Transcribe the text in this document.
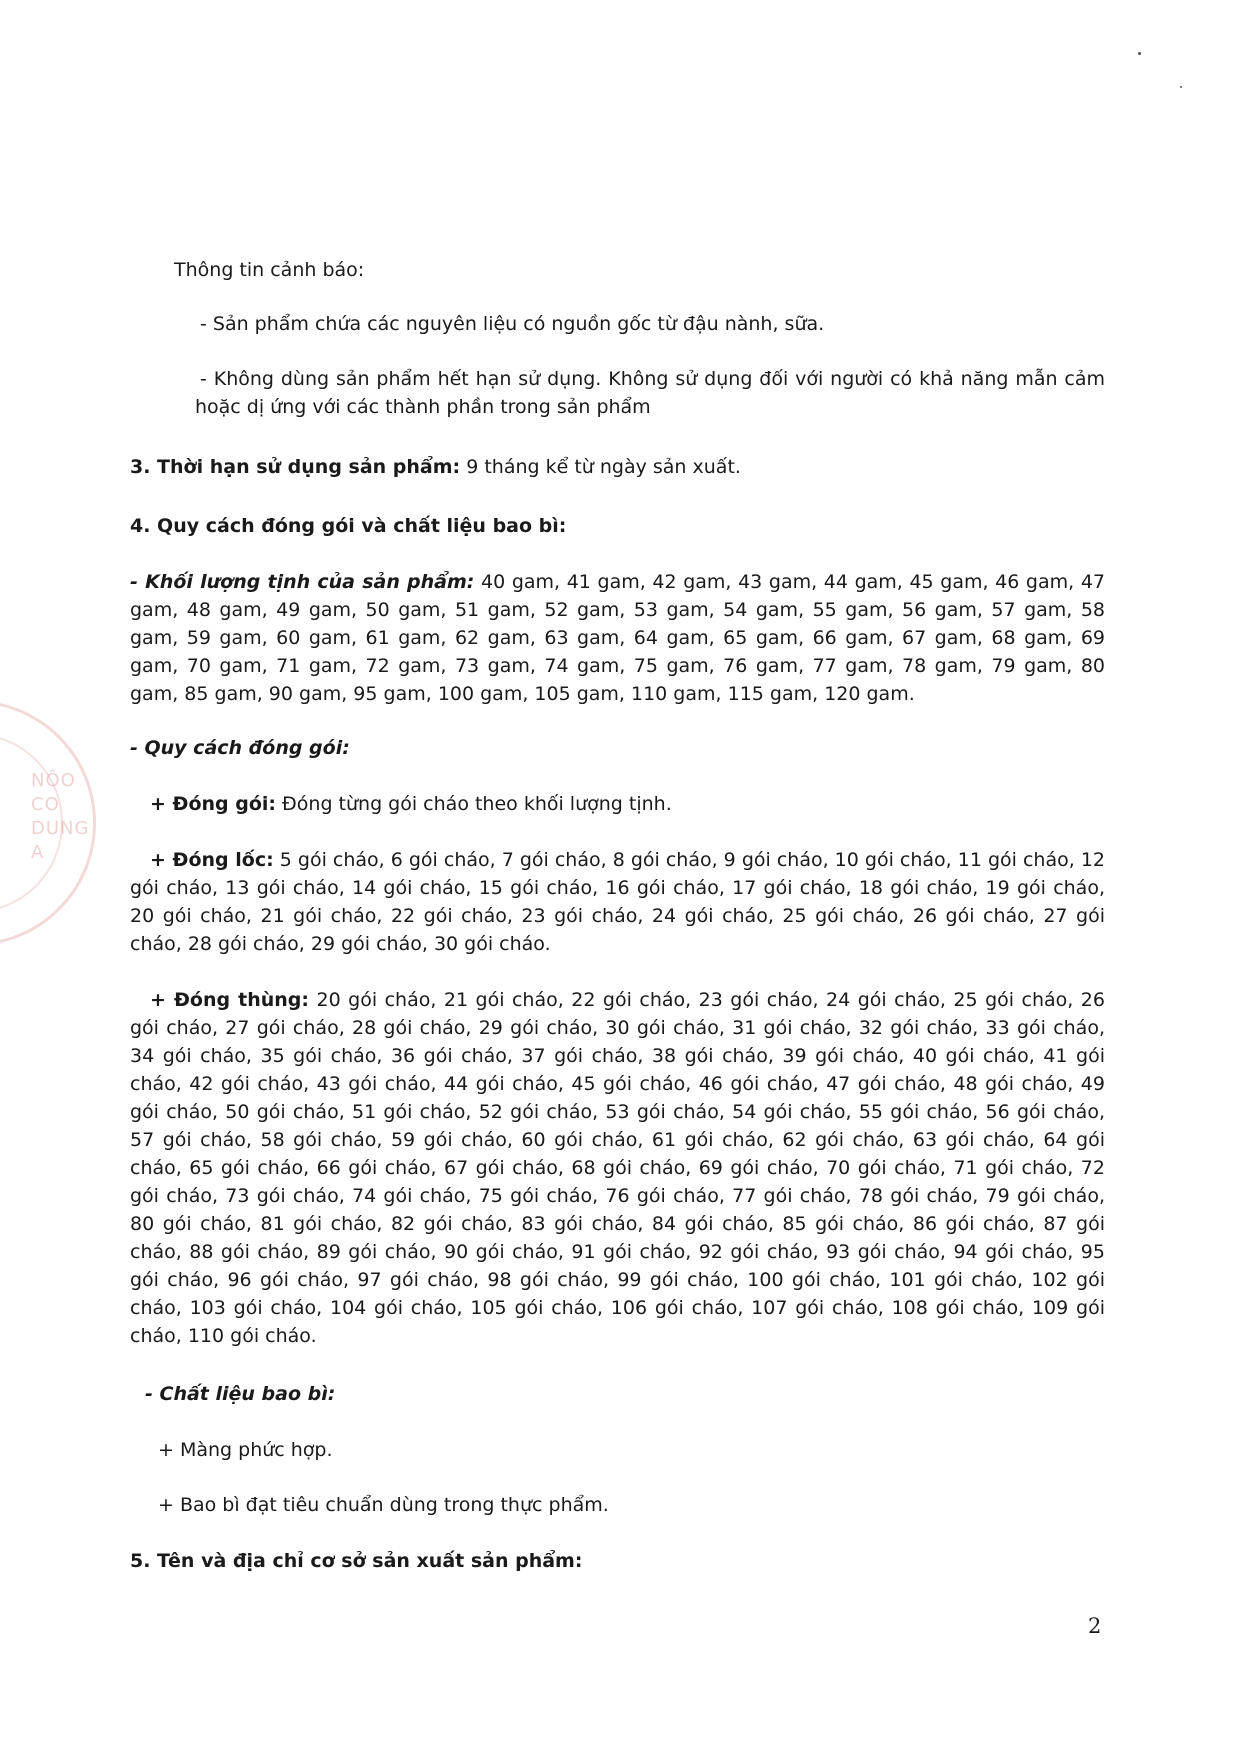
NÔO CO DUNG A

Thông tin cảnh báo:

- Sản phẩm chứa các nguyên liệu có nguồn gốc từ đậu nành, sữa.

- Không dùng sản phẩm hết hạn sử dụng. Không sử dụng đối với người có khả năng mẫn cảm hoặc dị ứng với các thành phần trong sản phẩm

3. Thời hạn sử dụng sản phẩm: 9 tháng kể từ ngày sản xuất.

4. Quy cách đóng gói và chất liệu bao bì:

- Khối lượng tịnh của sản phẩm: 40 gam, 41 gam, 42 gam, 43 gam, 44 gam, 45 gam, 46 gam, 47 gam, 48 gam, 49 gam, 50 gam, 51 gam, 52 gam, 53 gam, 54 gam, 55 gam, 56 gam, 57 gam, 58 gam, 59 gam, 60 gam, 61 gam, 62 gam, 63 gam, 64 gam, 65 gam, 66 gam, 67 gam, 68 gam, 69 gam, 70 gam, 71 gam, 72 gam, 73 gam, 74 gam, 75 gam, 76 gam, 77 gam, 78 gam, 79 gam, 80 gam, 85 gam, 90 gam, 95 gam, 100 gam, 105 gam, 110 gam, 115 gam, 120 gam.

- Quy cách đóng gói:

+ Đóng gói: Đóng từng gói cháo theo khối lượng tịnh.

+ Đóng lốc: 5 gói cháo, 6 gói cháo, 7 gói cháo, 8 gói cháo, 9 gói cháo, 10 gói cháo, 11 gói cháo, 12 gói cháo, 13 gói cháo, 14 gói cháo, 15 gói cháo, 16 gói cháo, 17 gói cháo, 18 gói cháo, 19 gói cháo, 20 gói cháo, 21 gói cháo, 22 gói cháo, 23 gói cháo, 24 gói cháo, 25 gói cháo, 26 gói cháo, 27 gói cháo, 28 gói cháo, 29 gói cháo, 30 gói cháo.

+ Đóng thùng: 20 gói cháo, 21 gói cháo, 22 gói cháo, 23 gói cháo, 24 gói cháo, 25 gói cháo, 26 gói cháo, 27 gói cháo, 28 gói cháo, 29 gói cháo, 30 gói cháo, 31 gói cháo, 32 gói cháo, 33 gói cháo, 34 gói cháo, 35 gói cháo, 36 gói cháo, 37 gói cháo, 38 gói cháo, 39 gói cháo, 40 gói cháo, 41 gói cháo, 42 gói cháo, 43 gói cháo, 44 gói cháo, 45 gói cháo, 46 gói cháo, 47 gói cháo, 48 gói cháo, 49 gói cháo, 50 gói cháo, 51 gói cháo, 52 gói cháo, 53 gói cháo, 54 gói cháo, 55 gói cháo, 56 gói cháo, 57 gói cháo, 58 gói cháo, 59 gói cháo, 60 gói cháo, 61 gói cháo, 62 gói cháo, 63 gói cháo, 64 gói cháo, 65 gói cháo, 66 gói cháo, 67 gói cháo, 68 gói cháo, 69 gói cháo, 70 gói cháo, 71 gói cháo, 72 gói cháo, 73 gói cháo, 74 gói cháo, 75 gói cháo, 76 gói cháo, 77 gói cháo, 78 gói cháo, 79 gói cháo, 80 gói cháo, 81 gói cháo, 82 gói cháo, 83 gói cháo, 84 gói cháo, 85 gói cháo, 86 gói cháo, 87 gói cháo, 88 gói cháo, 89 gói cháo, 90 gói cháo, 91 gói cháo, 92 gói cháo, 93 gói cháo, 94 gói cháo, 95 gói cháo, 96 gói cháo, 97 gói cháo, 98 gói cháo, 99 gói cháo, 100 gói cháo, 101 gói cháo, 102 gói cháo, 103 gói cháo, 104 gói cháo, 105 gói cháo, 106 gói cháo, 107 gói cháo, 108 gói cháo, 109 gói cháo, 110 gói cháo.

- Chất liệu bao bì:

+ Màng phức hợp.

+ Bao bì đạt tiêu chuẩn dùng trong thực phẩm.

5. Tên và địa chỉ cơ sở sản xuất sản phẩm:

2
